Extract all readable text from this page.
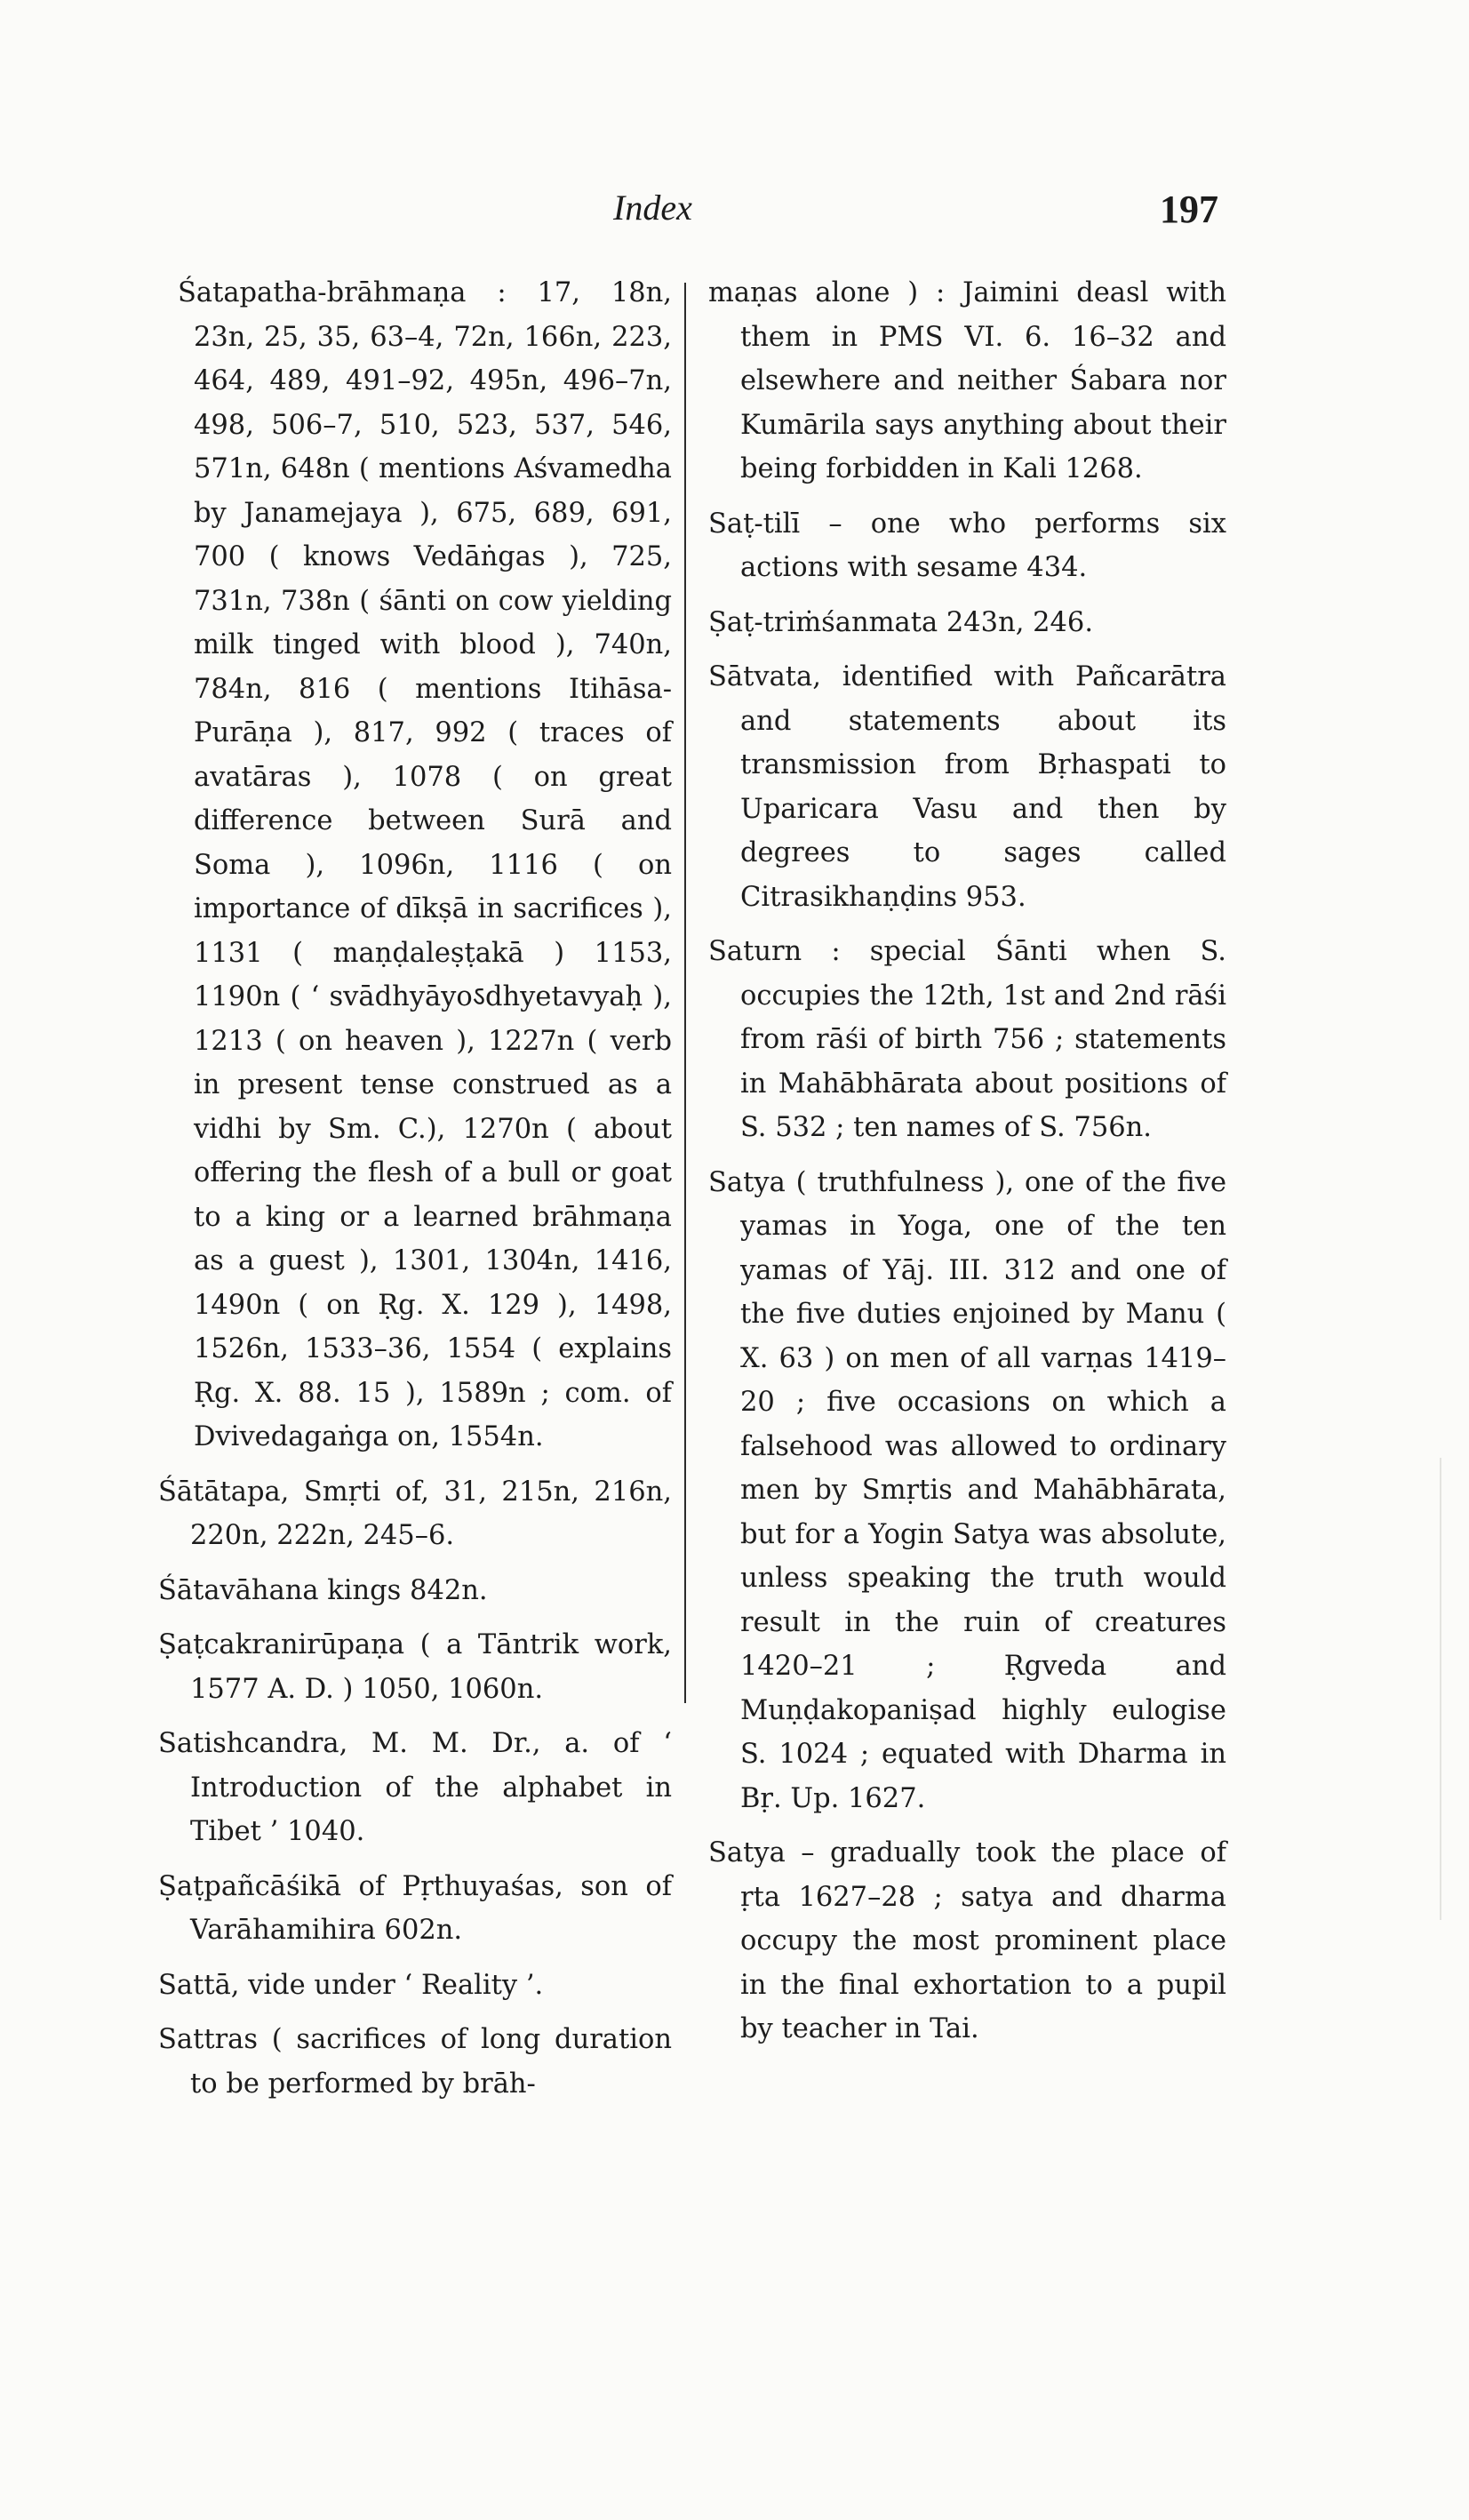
Index	197

Śatapatha-brāhmaṇa : 17, 18n, 23n, 25, 35, 63–4, 72n, 166n, 223, 464, 489, 491–92, 495n, 496–7n, 498, 506–7, 510, 523, 537, 546, 571n, 648n ( mentions Aśvamedha by Janamejaya ), 675, 689, 691, 700 ( knows Vedāṅgas ), 725, 731n, 738n ( śānti on cow yielding milk tinged with blood ), 740n, 784n, 816 ( mentions Itihāsa-Purāṇa ), 817, 992 ( traces of avatāras ), 1078 ( on great difference between Surā and Soma ), 1096n, 1116 ( on importance of dīkṣā in sacrifices ), 1131 ( maṇḍaleṣṭakā ) 1153, 1190n ( ‘ svādhyāyoऽdhyetavyaḥ ), 1213 ( on heaven ), 1227n ( verb in present tense construed as a vidhi by Sm. C.), 1270n ( about offering the flesh of a bull or goat to a king or a learned brāhmaṇa as a guest ), 1301, 1304n, 1416, 1490n ( on Ṛg. X. 129 ), 1498, 1526n, 1533–36, 1554 ( explains Ṛg. X. 88. 15 ), 1589n ; com. of Dvivedagaṅga on, 1554n.

Śātātapa, Smṛti of, 31, 215n, 216n, 220n, 222n, 245–6.

Śātavāhana kings 842n.

Ṣaṭcakranirūpaṇa ( a Tāntrik work, 1577 A. D. ) 1050, 1060n.

Satishcandra, M. M. Dr., a. of ‘ Introduction of the alphabet in Tibet ’ 1040.

Ṣaṭpañcāśikā of Pṛthuyaśas, son of Varāhamihira 602n.

Sattā, vide under ‘ Reality ’.

Sattras ( sacrifices of long duration to be performed by brāh-

maṇas alone ) : Jaimini deasl with them in PMS VI. 6. 16–32 and elsewhere and neither Śabara nor Kumārila says anything about their being forbidden in Kali 1268.

Saṭ-tilī – one who performs six actions with sesame 434.

Ṣaṭ-triṁśanmata 243n, 246.

Sātvata, identified with Pañcarātra and statements about its transmission from Bṛhaspati to Uparicara Vasu and then by degrees to sages called Citrasikhaṇḍins 953.

Saturn : special Śānti when S. occupies the 12th, 1st and 2nd rāśi from rāśi of birth 756 ; statements in Mahābhārata about positions of S. 532 ; ten names of S. 756n.

Satya ( truthfulness ), one of the five yamas in Yoga, one of the ten yamas of Yāj. III. 312 and one of the five duties enjoined by Manu ( X. 63 ) on men of all varṇas 1419–20 ; five occasions on which a falsehood was allowed to ordinary men by Smṛtis and Mahābhārata, but for a Yogin Satya was absolute, unless speaking the truth would result in the ruin of creatures 1420–21 ; Ṛgveda and Muṇḍakopaniṣad highly eulogise S. 1024 ; equated with Dharma in Bṛ. Up. 1627.

Satya – gradually took the place of ṛta 1627–28 ; satya and dharma occupy the most prominent place in the final exhortation to a pupil by teacher in Tai.
